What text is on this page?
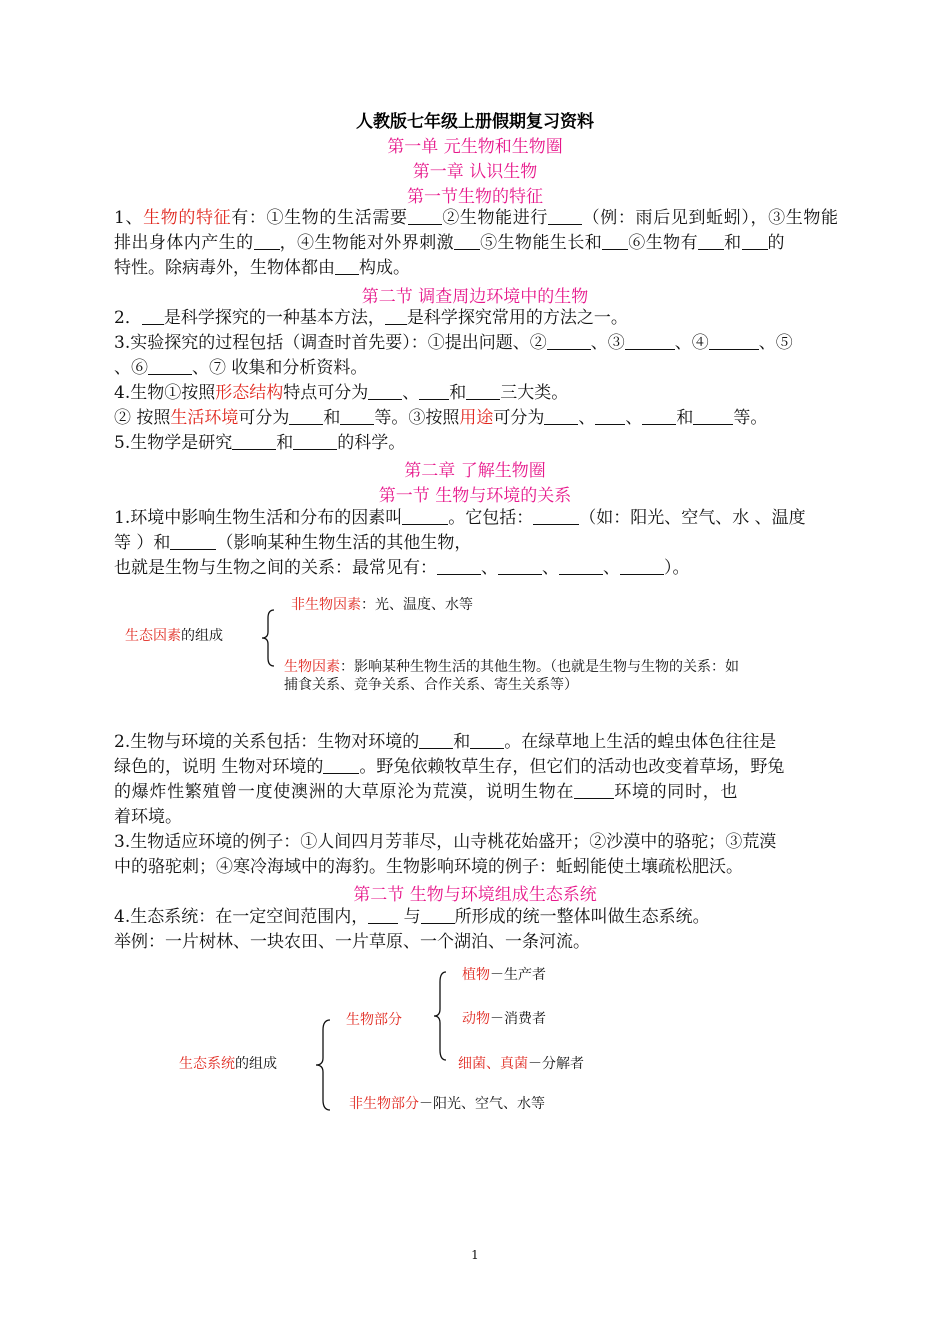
人教版七年级上册假期复习资料
第一单 元生物和生物圈
第一章 认识生物
第一节生物的特征
1、生物的特征有：①生物的生活需要 ②生物能进行 （例：雨后见到蚯蚓），③生物能
排出身体内产生的 ，④生物能对外界刺激 ⑤生物能生长和 ⑥生物有 和 的
特性。除病毒外，生物体都由 构成。
第二节 调查周边环境中的生物
2． 是科学探究的一种基本方法， 是科学探究常用的方法之一。
3.实验探究的过程包括（调查时首先要）：①提出问题、②	、③	、④	、⑤
、⑥	、⑦ 收集和分析资料。
4.生物①按照形态结构特点可分为 、 和 三大类。
② 按照生活环境可分为 和 等。③按照用途可分为 、 、 和 等。
5.生物学是研究	和	的科学。
第二章 了解生物圈
第一节 生物与环境的关系
1.环境中影响生物生活和分布的因素叫	。它包括：	（如：阳光、空气、水 、温度
等 ）和	（影响某种生物生活的其他生物，
也就是生物与生物之间的关系：最常见有：	、	、	、	）。
生态因素的组成
非生物因素：光、温度、水等
生物因素：影响某种生物生活的其他生物。（也就是生物与生物的关系：如
捕食关系、竞争关系、合作关系、寄生关系等）
2.生物与环境的关系包括：生物对环境的 和 。在绿草地上生活的蝗虫体色往往是
绿色的，说明 生物对环境的 。野兔依赖牧草生存，但它们的活动也改变着草场，野兔
的爆炸性繁殖曾一度使澳洲的大草原沦为荒漠，说明生物在 环境的同时，也
着环境。
3.生物适应环境的例子：①人间四月芳菲尽，山寺桃花始盛开；②沙漠中的骆驼；③荒漠
中的骆驼刺；④寒冷海域中的海豹。生物影响环境的例子：蚯蚓能使土壤疏松肥沃。
第二节 生物与环境组成生态系统
4.生态系统：在一定空间范围内， 与 所形成的统一整体叫做生态系统。
举例：一片树林、一块农田、一片草原、一个湖泊、一条河流。
生态系统的组成
生物部分
植物－生产者
动物－消费者
细菌、真菌－分解者
非生物部分－阳光、空气、水等
1
